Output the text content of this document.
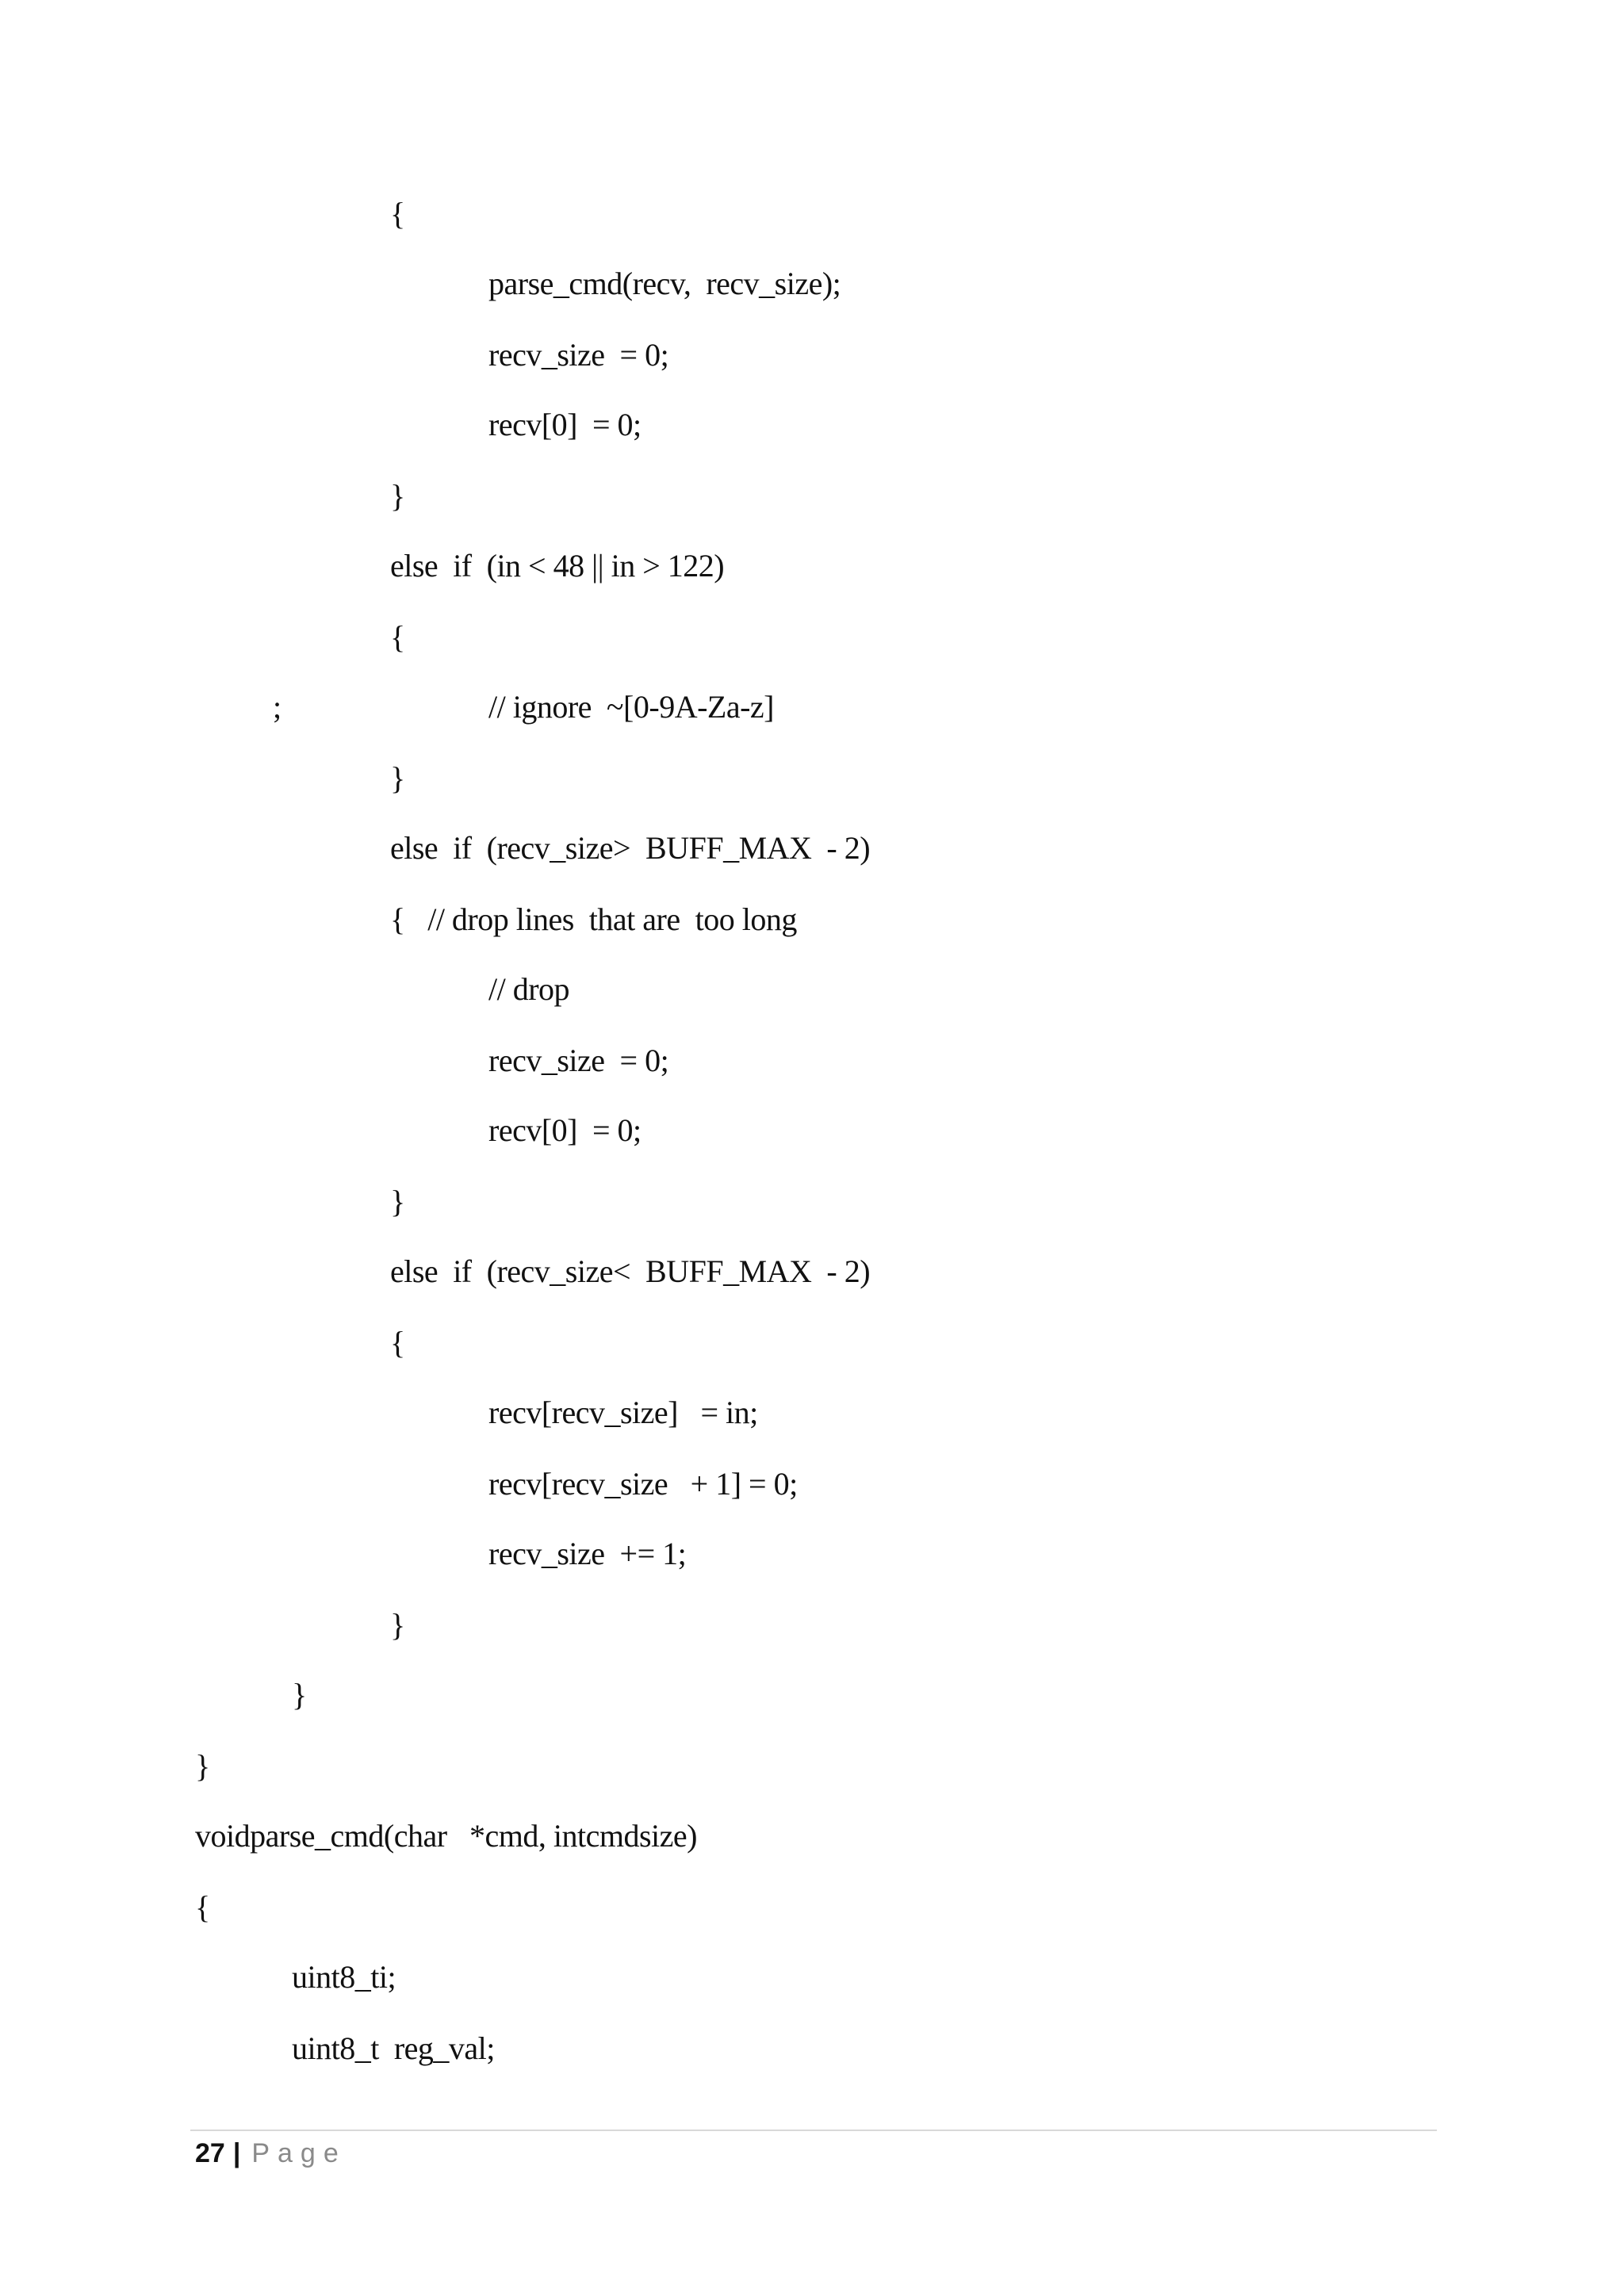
{
parse_cmd(recv,  recv_size);
recv_size  = 0;
recv[0]  = 0;
}
else  if  (in < 48 || in > 122)
{
;	// ignore  ~[0-9A-Za-z]
}
else  if  (recv_size>  BUFF_MAX  - 2)
{   // drop lines  that are  too long
// drop
recv_size  = 0;
recv[0]  = 0;
}
else  if  (recv_size<  BUFF_MAX  - 2)
{
recv[recv_size]   = in;
recv[recv_size   + 1] = 0;
recv_size  += 1;
}
}
}
voidparse_cmd(char   *cmd, intcmdsize)
{
uint8_ti;
uint8_t  reg_val;
27 | Page
